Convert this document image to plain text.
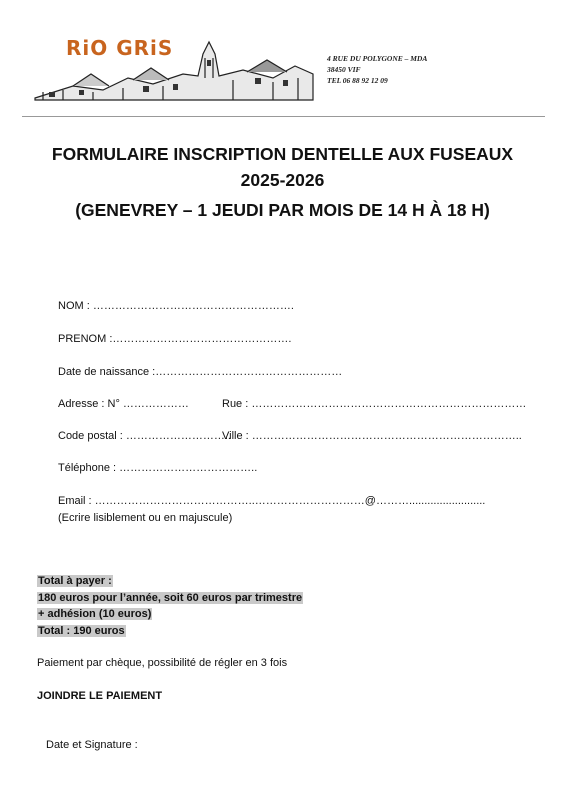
RiO GRiS	4 RUE DU POLYGONE – MDA
38450 VIF
TEL 06 88 92 12 09
FORMULAIRE INSCRIPTION DENTELLE AUX FUSEAUX
2025-2026
(GENEVREY – 1 JEUDI PAR MOIS DE 14 H À 18 H)
NOM : ……………………………………………….
PRENOM :………………………………………….
Date de naissance :……………………………………………
Adresse : N° ………………	Rue : …………………………………………………………………
Code postal : ………………………..
Ville : ………………………………………………………………..
Téléphone : ………………………………..
Email : ……………………………………..…………………………@……….........................
(Ecrire lisiblement ou en majuscule)
Total à payer :
180 euros pour l’année, soit 60 euros par trimestre
+ adhésion (10 euros)
Total : 190 euros
Paiement par chèque, possibilité de régler en 3 fois
JOINDRE LE PAIEMENT
Date et Signature :
